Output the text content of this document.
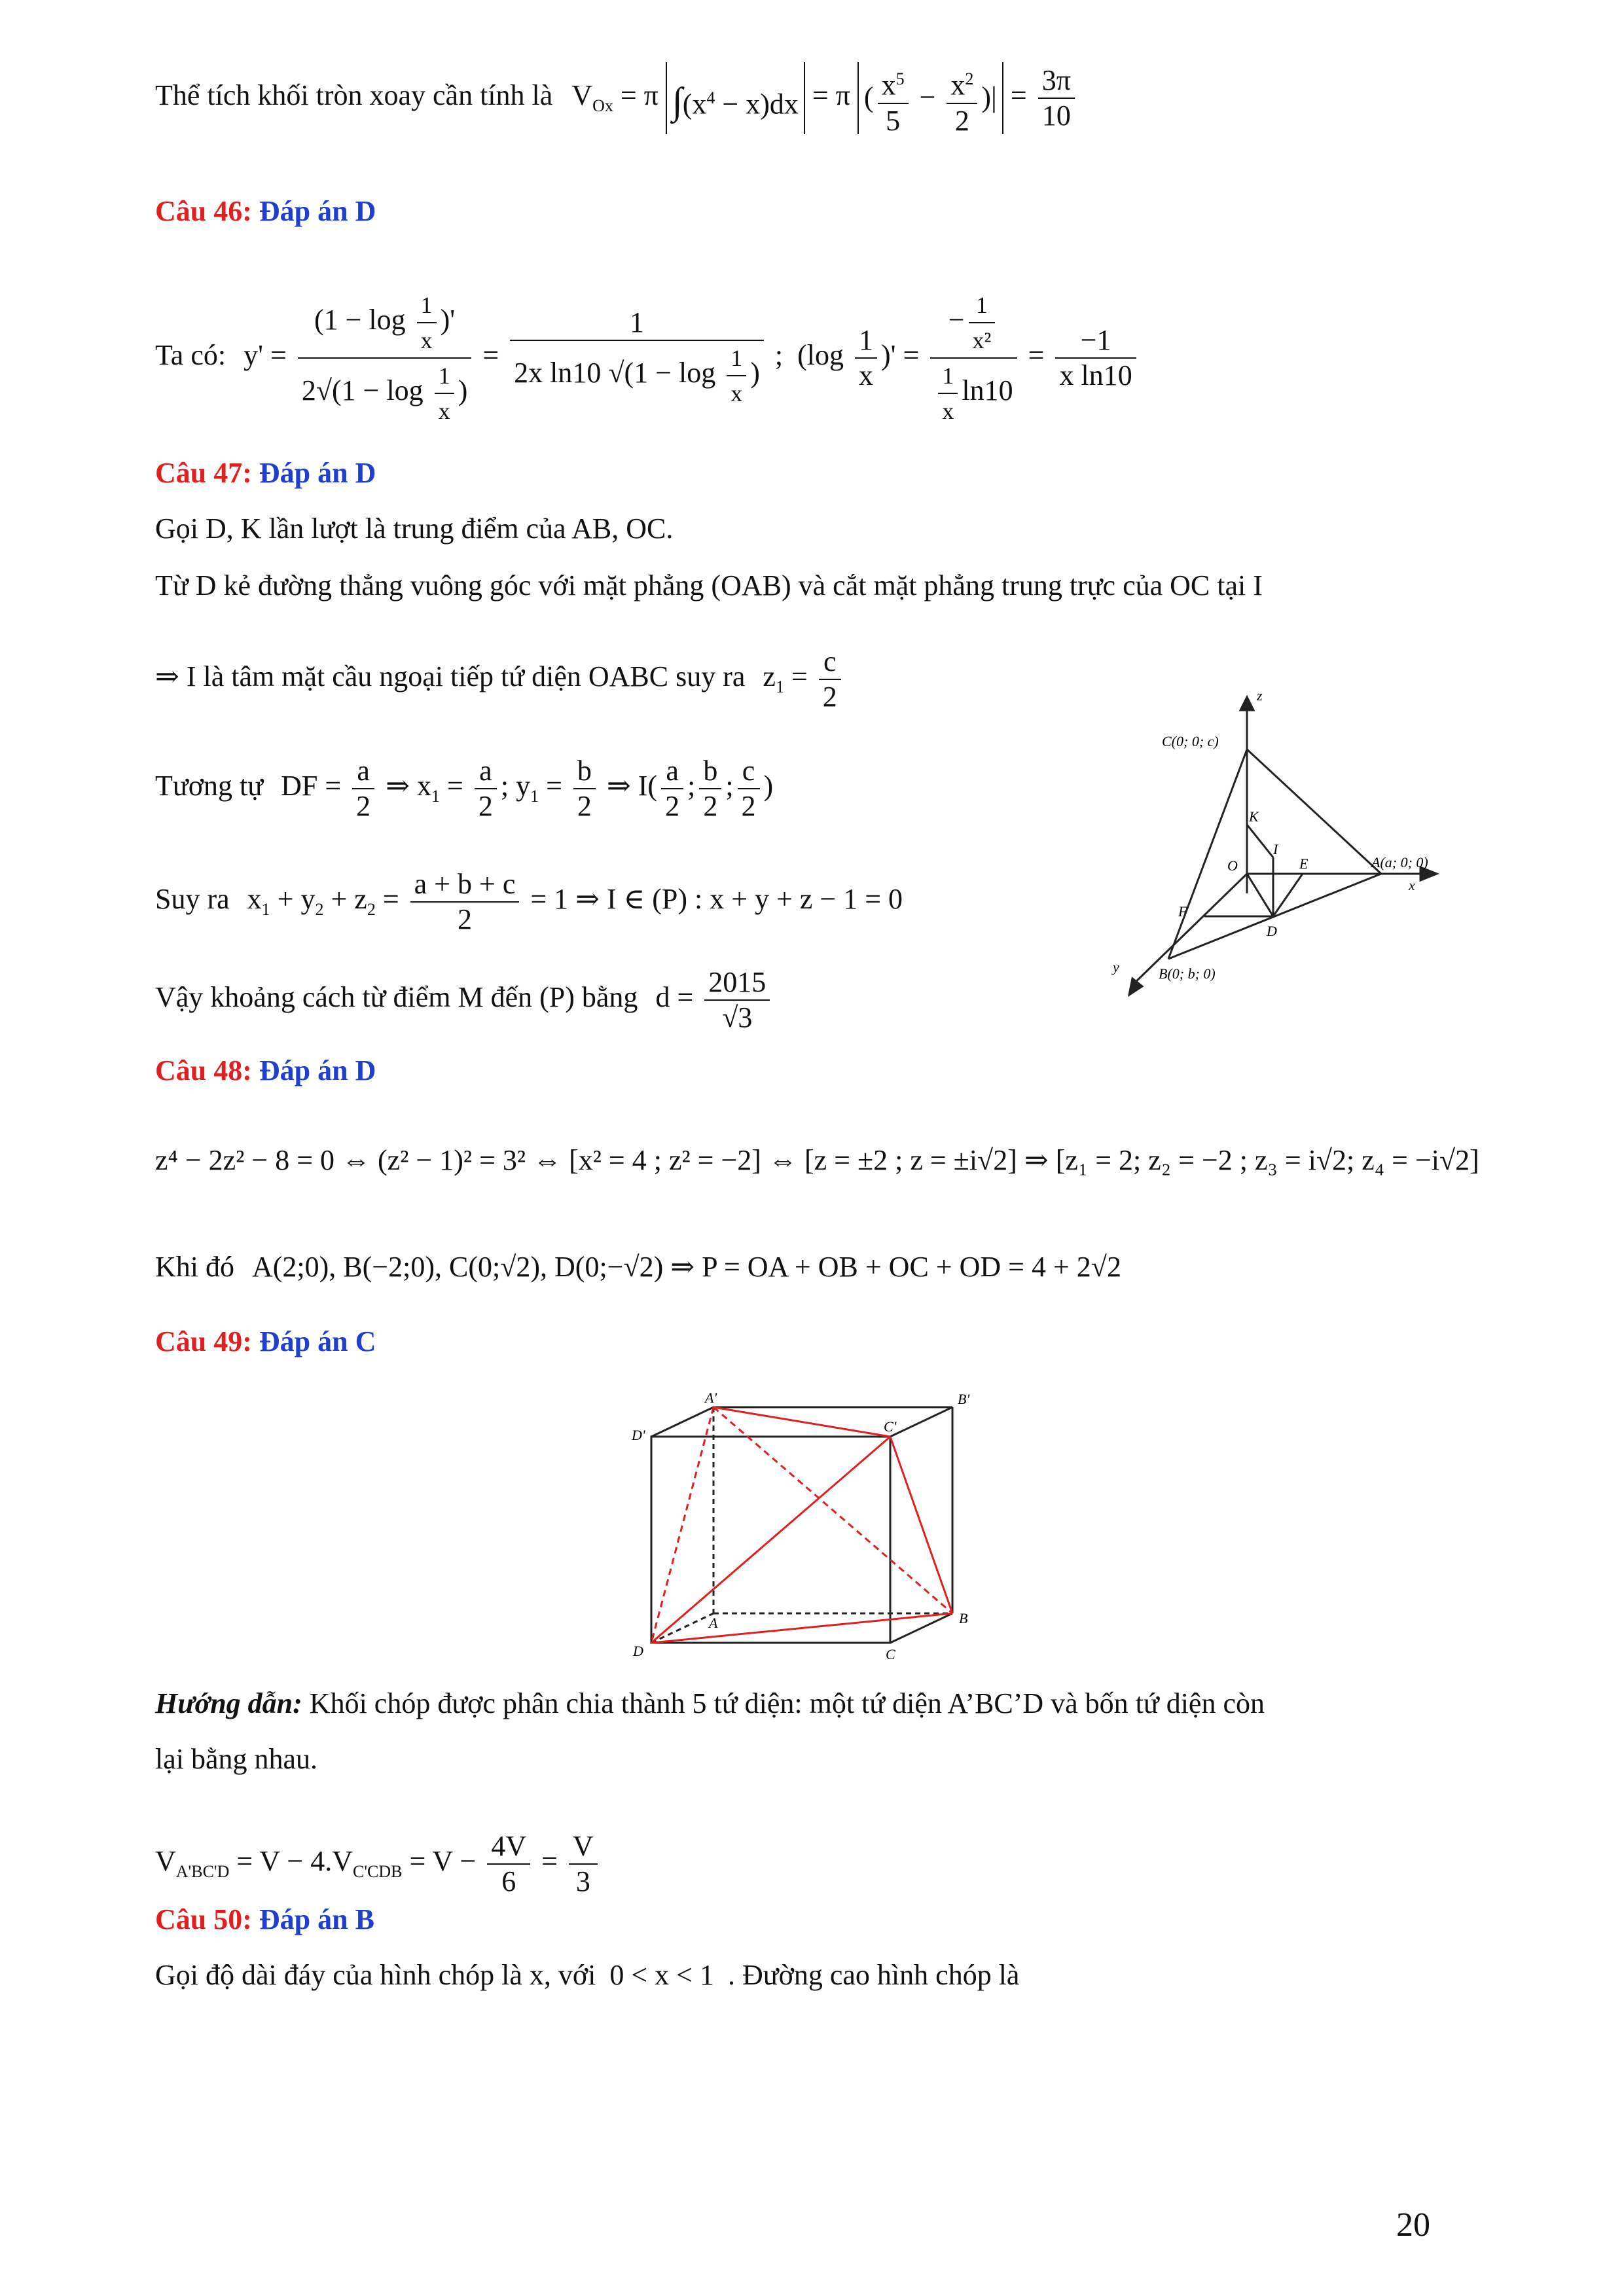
Thể tích khối tròn xoay cần tính là $V_{Ox} = \pi$ $\int(x^4 - x)dx = \pi$ ( $\frac{x^5}{5} - \frac{x^2}{2}$ )| = $\frac{3\pi}{10}$
Câu 46: Đáp án D
Ta có: $y' = \frac{(1 - \log \frac{1}{x} )'}{2√(1 - \log \frac{1}{x} )} = \frac{1}{2x \ln 10 √(1 - \log \frac{1}{x} )}$ ;  ($\log \frac{1}{x}$ )' = $\frac{- \frac{1}{\text{x²}}}{\frac{1}{x} \ln 10} = \frac{-1}{\text{x ln10}}$
Câu 47: Đáp án D
Gọi D, K lần lượt là trung điểm của AB, OC.
Từ D kẻ đường thẳng vuông góc với mặt phẳng (OAB) và cắt mặt phẳng trung trực của OC tại I
⇒ I là tâm mặt cầu ngoại tiếp tứ diện OABC suy ra $z_1 = \frac{c}{2}$
Tương tự DF = $\frac{a}{2}$ ⇒ $x_1 = \frac{a}{2}$ ; $y_1 = \frac{b}{2}$ ⇒ $I( \frac{a}{2}$ ; $\frac{b}{2}$ ; $\frac{c}{2}$ )
Suy ra $x_1 + y_2 + z_2 = \frac{a + b + c}{2} = 1$ ⇒ I ∈ (P) : x + y + z − 1 = 0
Vậy khoảng cách từ điểm M đến (P) bằng $d = \frac{2015}{√3}$
C(0; 0; c)
z
K
I
O	E	A(a; 0; 0)
x
F
D
y	B(0; b; 0)
Câu 48: Đáp án D
z⁴ − 2z² − 8 = 0 ⇔ (z² − 1)² = 3² ⇔ [x² = 4 ; z² = −2] ⇔ [z = ±2 ; z = ±i√2] ⇒ [z₁ = 2; z₂ = −2 ; z₃ = i√2; z₄ = −i√2]
Khi đó A(2;0), B(−2;0), C(0;√2), D(0;−√2) ⇒ P = OA + OB + OC + OD = 4 + 2√2
Câu 49: Đáp án C
A'	B'
C'
D'
A	B
C
D
Hướng dẫn: Khối chóp được phân chia thành 5 tứ diện: một tứ diện A’BC’D và bốn tứ diện còn
lại bằng nhau.
$V_{A'BC'D} = V - 4.V_{C'CDB} = V - \frac{4V}{6} = \frac{V}{3}$
Câu 50: Đáp án B
Gọi độ dài đáy của hình chóp là x, với 0 < x < 1 . Đường cao hình chóp là
20
